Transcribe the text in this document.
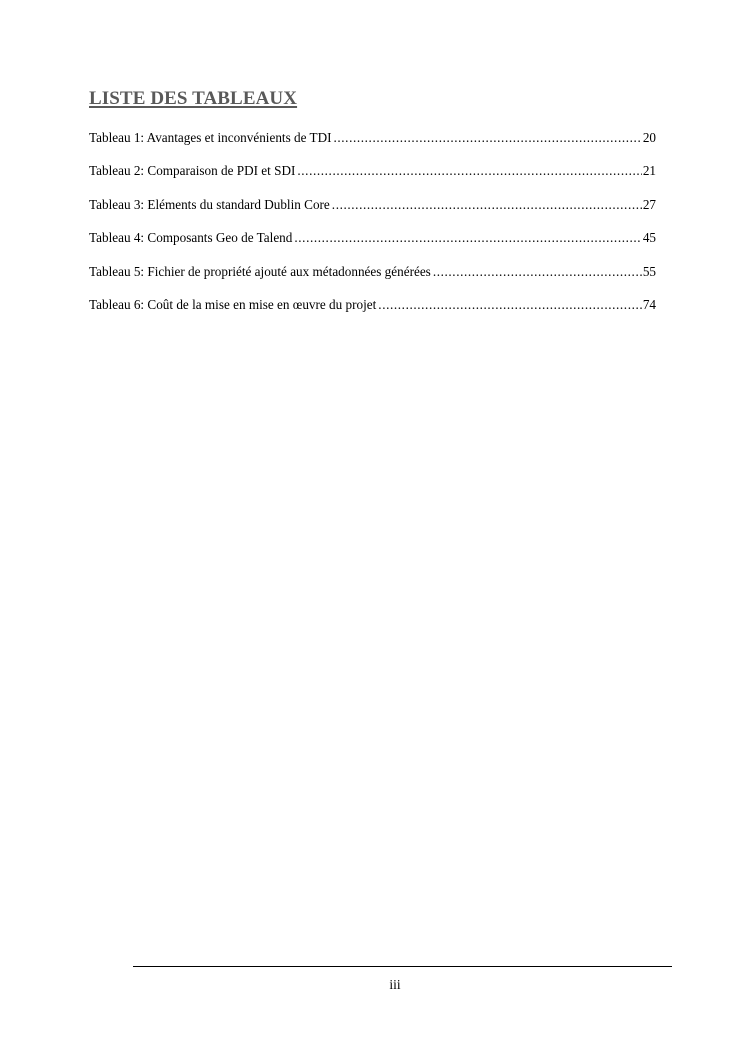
LISTE DES TABLEAUX
Tableau 1: Avantages et inconvénients de TDI .....	20
Tableau 2: Comparaison de PDI et SDI .....	21
Tableau 3: Eléments du standard Dublin Core .....	27
Tableau 4: Composants Geo de Talend .....	45
Tableau 5: Fichier de propriété ajouté aux métadonnées générées .....	55
Tableau 6: Coût de la mise en mise en œuvre du projet .....	74
iii
